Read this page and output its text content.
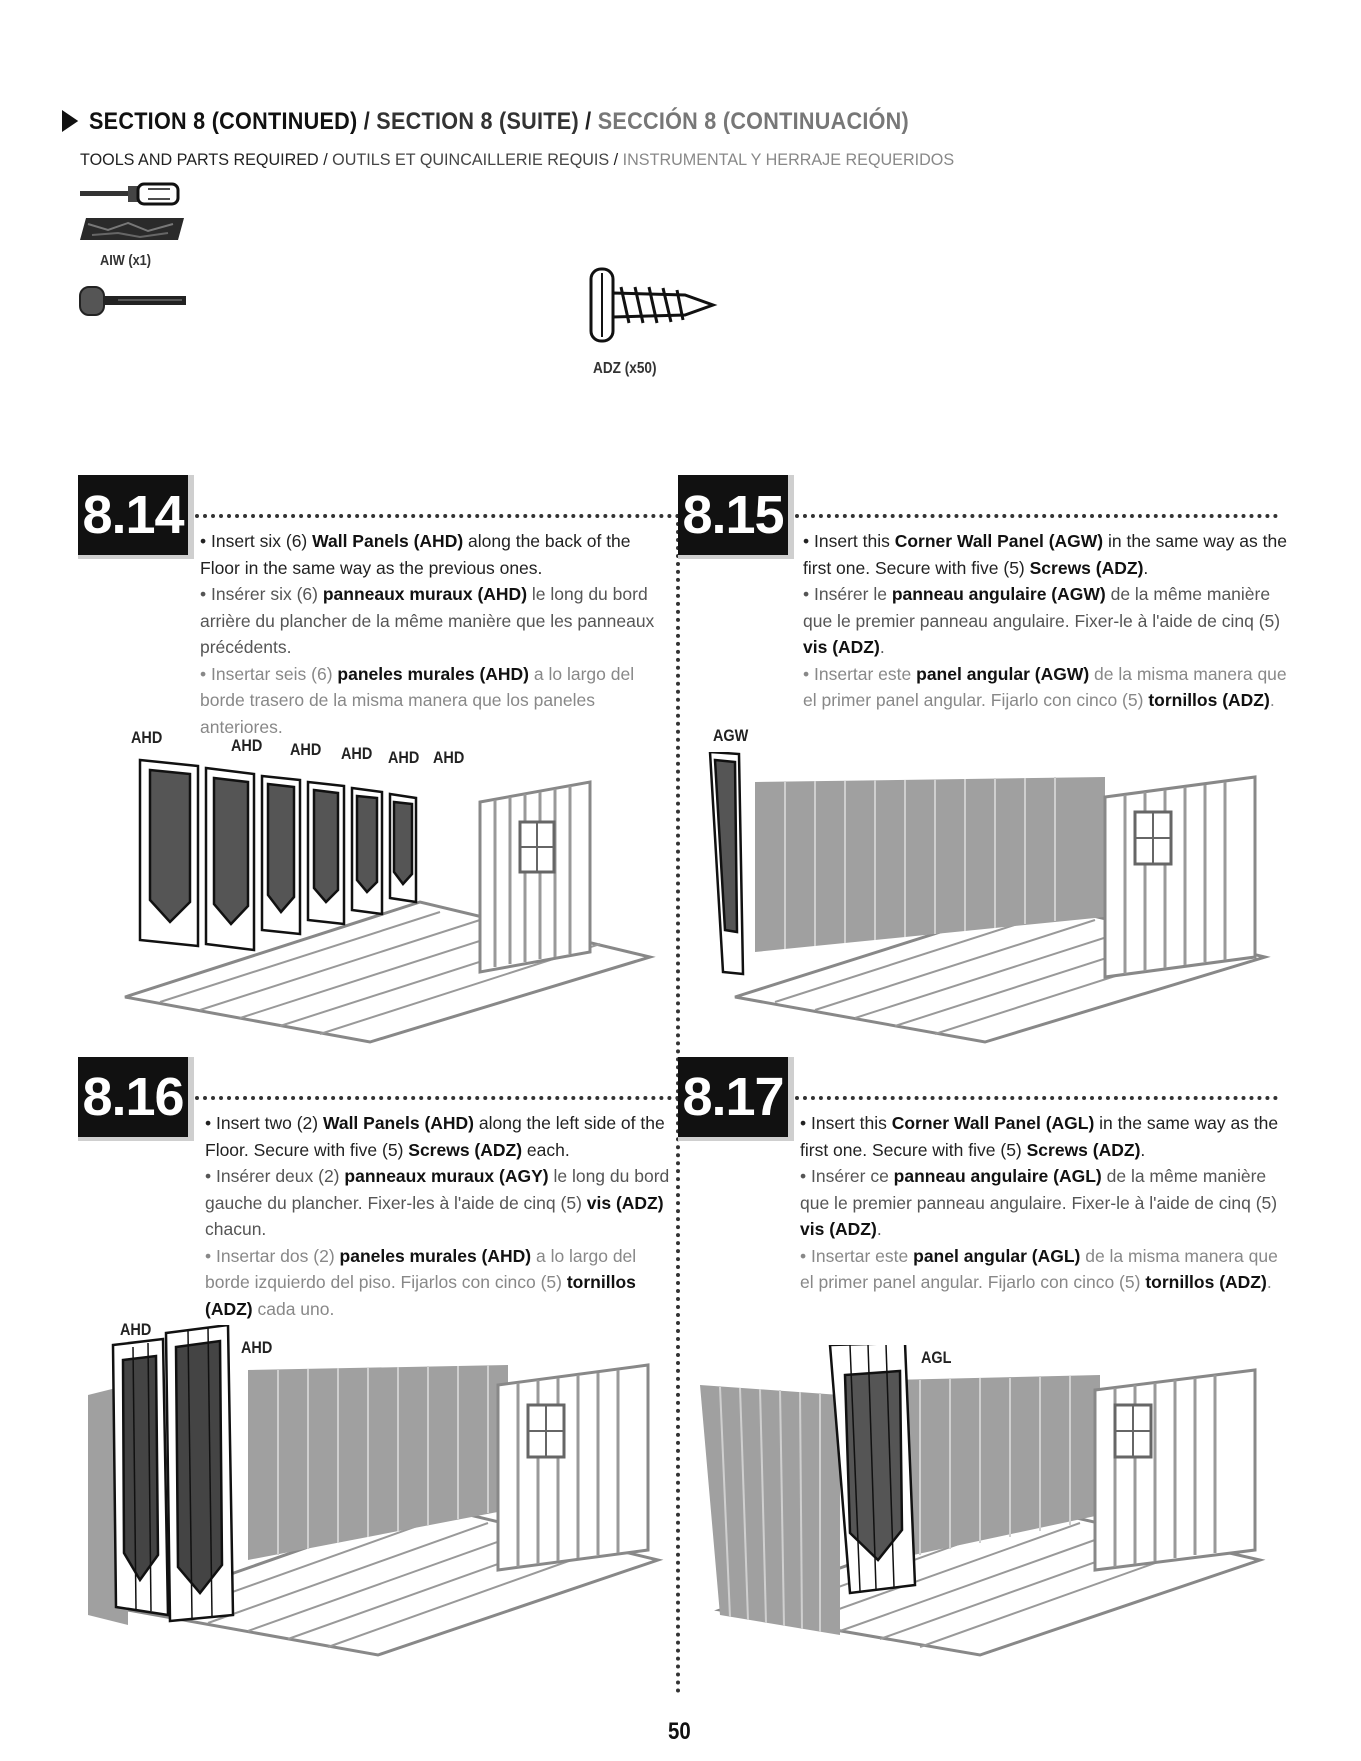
SECTION 8 (CONTINUED) / SECTION 8 (SUITE) / SECCIÓN 8 (CONTINUACIÓN)
TOOLS AND PARTS REQUIRED / OUTILS ET QUINCAILLERIE REQUIS / INSTRUMENTAL Y HERRAJE REQUERIDOS
AIW (x1)
ADZ (x50)
8.14 • Insert six (6) Wall Panels (AHD) along the back of the Floor in the same way as the previous ones.

• Insérer six (6) panneaux muraux (AHD) le long du bord arrière du plancher de la même manière que les panneaux précédents.

• Insertar seis (6) paneles murales (AHD) a lo largo del borde trasero de la misma manera que los paneles anteriores.

AHD	AHD AHD AHD AHD AHD
8.15 • Insert this Corner Wall Panel (AGW) in the same way as the first one. Secure with five (5) Screws (ADZ).

• Insérer le panneau angulaire (AGW) de la même manière que le premier panneau angulaire. Fixer-le à l'aide de cinq (5) vis (ADZ).

• Insertar este panel angular (AGW) de la misma manera que el primer panel angular. Fijarlo con cinco (5) tornillos (ADZ).

AGW
8.16 • Insert two (2) Wall Panels (AHD) along the left side of the Floor. Secure with five (5) Screws (ADZ) each.

• Insérer deux (2) panneaux muraux (AGY) le long du bord gauche du plancher. Fixer-les à l'aide de cinq (5) vis (ADZ) chacun.

• Insertar dos (2) paneles murales (AHD) a lo largo del borde izquierdo del piso. Fijarlos con cinco (5) tornillos (ADZ) cada uno.

AHD
AHD
8.17 • Insert this Corner Wall Panel (AGL) in the same way as the first one. Secure with five (5) Screws (ADZ).

• Insérer ce panneau angulaire (AGL) de la même manière que le premier panneau angulaire. Fixer-le à l'aide de cinq (5) vis (ADZ).

• Insertar este panel angular (AGL) de la misma manera que el primer panel angular. Fijarlo con cinco (5) tornillos (ADZ).

AGL
50
